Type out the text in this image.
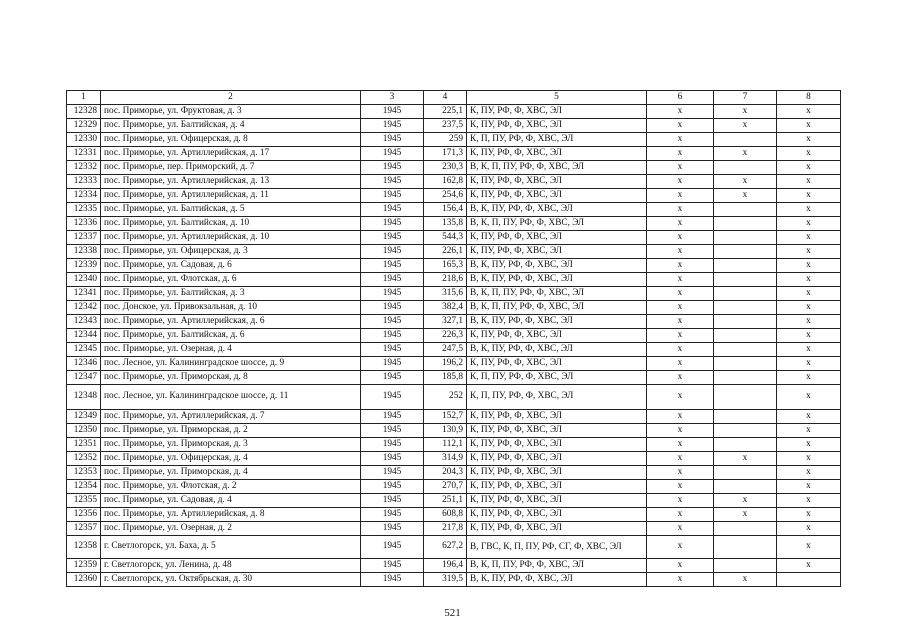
1	2	3	4	5	6	7	8
12328	пос. Приморье, ул. Фруктовая, д. 3	1945	225,1	К, ПУ, РФ, Ф, ХВС, ЭЛ	х	х	х
12329	пос. Приморье, ул. Балтийская, д. 4	1945	237,5	К, ПУ, РФ, Ф, ХВС, ЭЛ	х	х	х
12330	пос. Приморье, ул. Офицерская, д. 8	1945	259	К, П, ПУ, РФ, Ф, ХВС, ЭЛ	х		х
12331	пос. Приморье, ул. Артиллерийская, д. 17	1945	171,3	К, ПУ, РФ, Ф, ХВС, ЭЛ	х	х	х
12332	пос. Приморье, пер. Приморский, д. 7	1945	230,3	В, К, П, ПУ, РФ, Ф, ХВС, ЭЛ	х		х
12333	пос. Приморье, ул. Артиллерийская, д. 13	1945	162,8	К, ПУ, РФ, Ф, ХВС, ЭЛ	х	х	х
12334	пос. Приморье, ул. Артиллерийская, д. 11	1945	254,6	К, ПУ, РФ, Ф, ХВС, ЭЛ	х	х	х
12335	пос. Приморье, ул. Балтийская, д. 5	1945	156,4	В, К, ПУ, РФ, Ф, ХВС, ЭЛ	х		х
12336	пос. Приморье, ул. Балтийская, д. 10	1945	135,8	В, К, П, ПУ, РФ, Ф, ХВС, ЭЛ	х		х
12337	пос. Приморье, ул. Артиллерийская, д. 10	1945	544,3	К, ПУ, РФ, Ф, ХВС, ЭЛ	х		х
12338	пос. Приморье, ул. Офицерская, д. 3	1945	226,1	К, ПУ, РФ, Ф, ХВС, ЭЛ	х		х
12339	пос. Приморье, ул. Садовая, д. 6	1945	165,3	В, К, ПУ, РФ, Ф, ХВС, ЭЛ	х		х
12340	пос. Приморье, ул. Флотская, д. 6	1945	218,6	В, К, ПУ, РФ, Ф, ХВС, ЭЛ	х		х
12341	пос. Приморье, ул. Балтийская, д. 3	1945	315,6	В, К, П, ПУ, РФ, Ф, ХВС, ЭЛ	х		х
12342	пос. Донское, ул. Привокзальная, д. 10	1945	382,4	В, К, П, ПУ, РФ, Ф, ХВС, ЭЛ	х		х
12343	пос. Приморье, ул. Артиллерийская, д. 6	1945	327,1	В, К, ПУ, РФ, Ф, ХВС, ЭЛ	х		х
12344	пос. Приморье, ул. Балтийская, д. 6	1945	226,3	К, ПУ, РФ, Ф, ХВС, ЭЛ	х		х
12345	пос. Приморье, ул. Озерная, д. 4	1945	247,5	В, К, ПУ, РФ, Ф, ХВС, ЭЛ	х		х
12346	пос. Лесное, ул. Калининградское шоссе, д. 9	1945	196,2	К, ПУ, РФ, Ф, ХВС, ЭЛ	х		х
12347	пос. Приморье, ул. Приморская, д. 8	1945	185,8	К, П, ПУ, РФ, Ф, ХВС, ЭЛ	х		х
12348	пос. Лесное, ул. Калининградское шоссе, д. 11	1945	252	К, П, ПУ, РФ, Ф, ХВС, ЭЛ	х		х
12349	пос. Приморье, ул. Артиллерийская, д. 7	1945	152,7	К, ПУ, РФ, Ф, ХВС, ЭЛ	х		х
12350	пос. Приморье, ул. Приморская, д. 2	1945	130,9	К, ПУ, РФ, Ф, ХВС, ЭЛ	х		х
12351	пос. Приморье, ул. Приморская, д. 3	1945	112,1	К, ПУ, РФ, Ф, ХВС, ЭЛ	х		х
12352	пос. Приморье, ул. Офицерская, д. 4	1945	314,9	К, ПУ, РФ, Ф, ХВС, ЭЛ	х	х	х
12353	пос. Приморье, ул. Приморская, д. 4	1945	204,3	К, ПУ, РФ, Ф, ХВС, ЭЛ	х		х
12354	пос. Приморье, ул. Флотская, д. 2	1945	270,7	К, ПУ, РФ, Ф, ХВС, ЭЛ	х		х
12355	пос. Приморье, ул. Садовая, д. 4	1945	251,1	К, ПУ, РФ, Ф, ХВС, ЭЛ	х	х	х
12356	пос. Приморье, ул. Артиллерийская, д. 8	1945	608,8	К, ПУ, РФ, Ф, ХВС, ЭЛ	х	х	х
12357	пос. Приморье, ул. Озерная, д. 2	1945	217,8	К, ПУ, РФ, Ф, ХВС, ЭЛ	х		х
12358	г. Светлогорск, ул. Баха, д. 5	1945	627,2	В, ГВС, К, П, ПУ, РФ, СГ, Ф, ХВС, ЭЛ	х		х
12359	г. Светлогорск, ул. Ленина, д. 48	1945	196,4	В, К, П, ПУ, РФ, Ф, ХВС, ЭЛ	х		х
12360	г. Светлогорск, ул. Октябрьская, д. 30	1945	319,5	В, К, ПУ, РФ, Ф, ХВС, ЭЛ	х	х	
521
